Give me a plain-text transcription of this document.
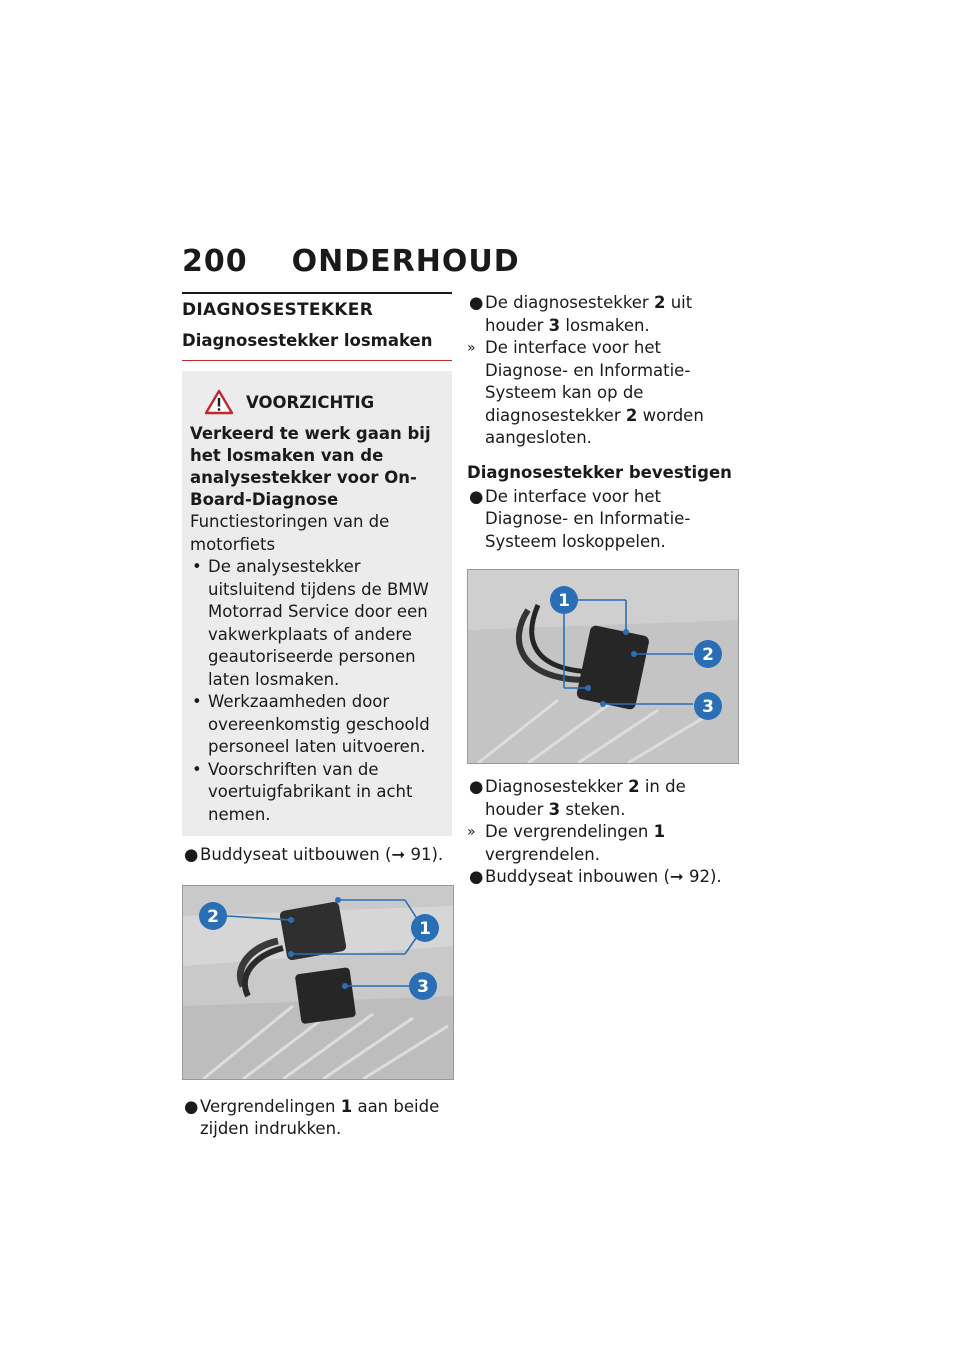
200 ONDERHOUD
DIAGNOSESTEKKER
Diagnosestekker losmaken
VOORZICHTIG
Verkeerd te werk gaan bij het losmaken van de analysestekker voor On-Board-Diagnose
Functiestoringen van de motorfiets
• De analysestekker uitsluitend tijdens de BMW Motorrad Service door een vakwerkplaats of andere geautoriseerde personen laten losmaken.
• Werkzaamheden door overeenkomstig geschoold personeel laten uitvoeren.
• Voorschriften van de voertuigfabrikant in acht nemen.
● Buddyseat uitbouwen (➞ 91).
2
1
3
● Vergrendelingen 1 aan beide zijden indrukken.
● De diagnosestekker 2 uit houder 3 losmaken.
» De interface voor het Diagnose- en Informatie-Systeem kan op de diagnosestekker 2 worden aangesloten.
Diagnosestekker bevestigen
● De interface voor het Diagnose- en Informatie-Systeem loskoppelen.
1
2
3
● Diagnosestekker 2 in de houder 3 steken.
» De vergrendelingen 1 vergrendelen.
● Buddyseat inbouwen (➞ 92).
